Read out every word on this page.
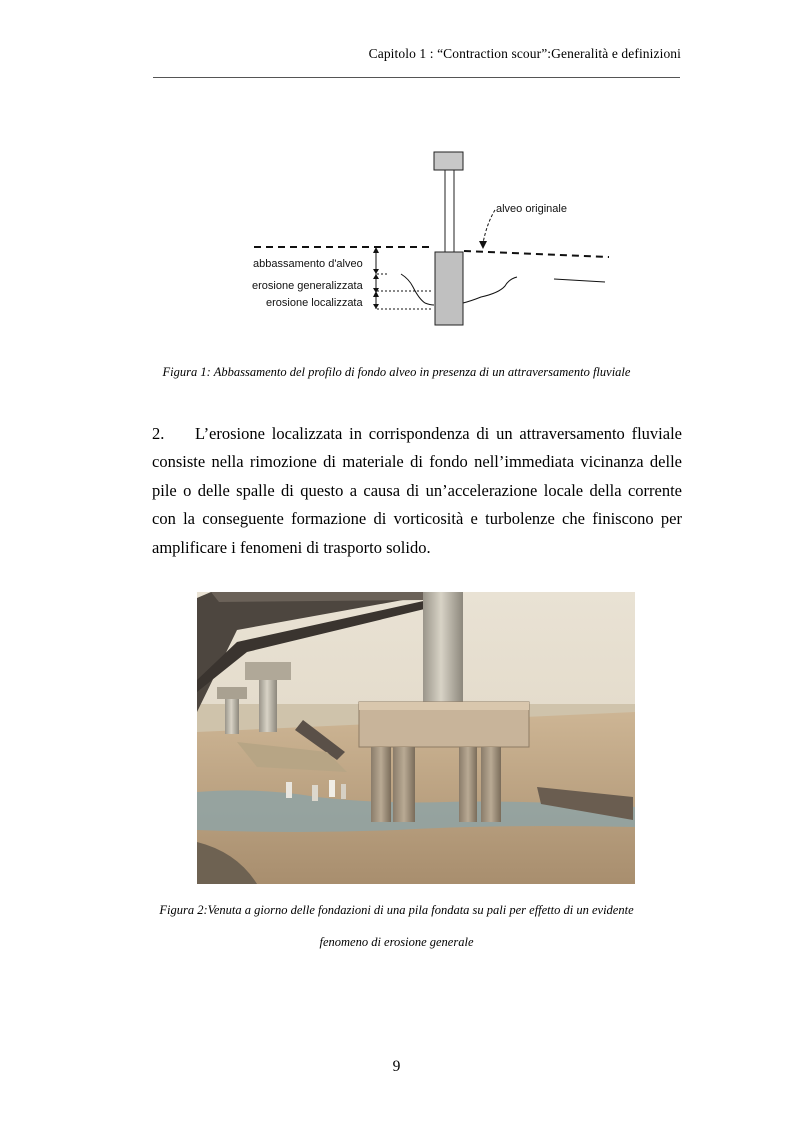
Capitolo 1 : “Contraction scour”:Generalità e definizioni
alveo originale
abbassamento d'alveo
erosione generalizzata
erosione localizzata
Figura 1: Abbassamento del profilo di fondo alveo in presenza di un attraversamento fluviale
2. L’erosione localizzata in corrispondenza di un attraversamento fluviale consiste nella rimozione di materiale di fondo nell’immediata vicinanza delle pile o delle spalle di questo a causa di un’accelerazione locale della corrente con la conseguente formazione di vorticosità e turbolenze che finiscono per amplificare i fenomeni di trasporto solido.
Figura 2:Venuta a giorno delle fondazioni di una pila fondata su pali per effetto di un evidente
fenomeno di erosione generale
9
